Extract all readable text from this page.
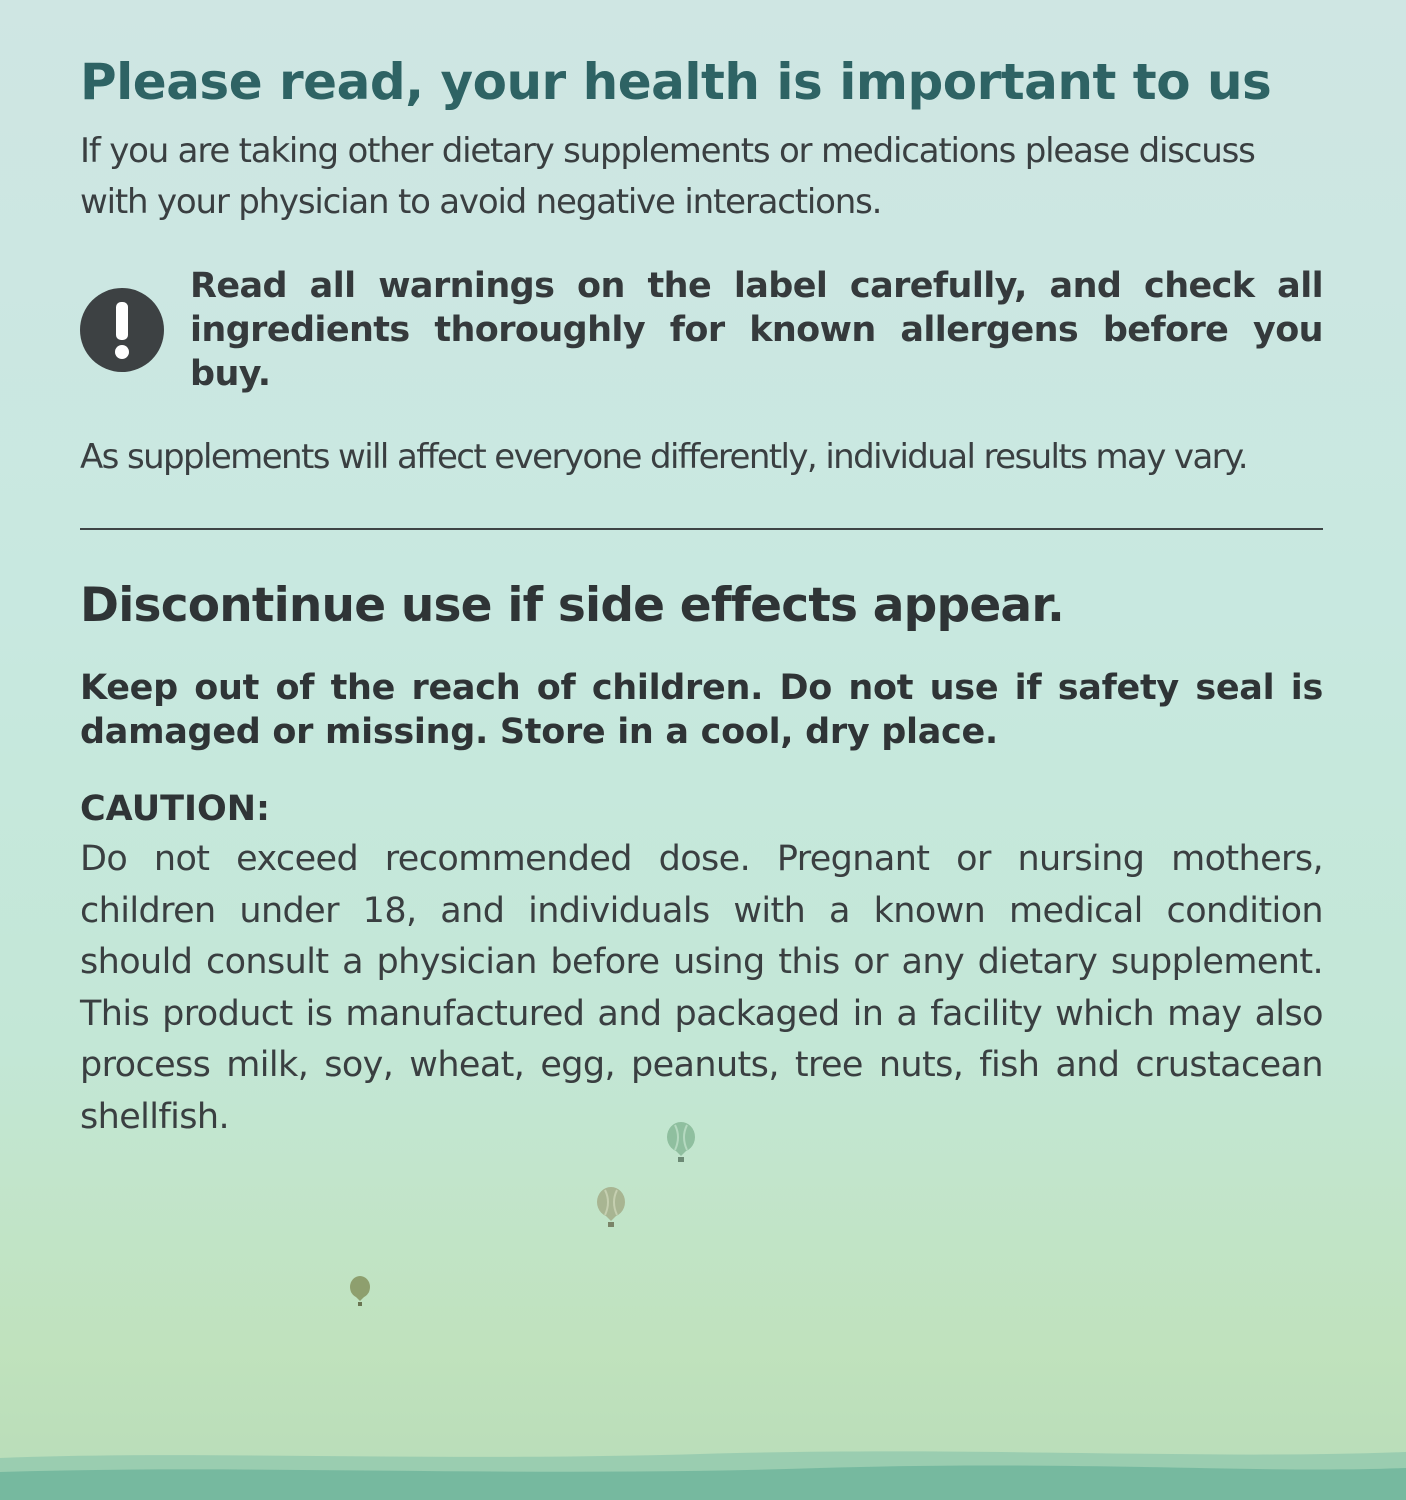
Please read, your health is important to us

If you are taking other dietary supplements or medications please discuss with your physician to avoid negative interactions.

Read all warnings on the label carefully, and check all ingredients thoroughly for known allergens before you buy.
As supplements will affect everyone differently, individual results may vary.
Discontinue use if side effects appear.
Keep out of the reach of children. Do not use if safety seal is damaged or missing. Store in a cool, dry place.
CAUTION:
Do not exceed recommended dose. Pregnant or nursing mothers, children under 18, and individuals with a known medical condition should consult a physician before using this or any dietary supplement. This product is manufactured and packaged in a facility which may also process milk, soy, wheat, egg, peanuts, tree nuts, fish and crustacean shellfish.
